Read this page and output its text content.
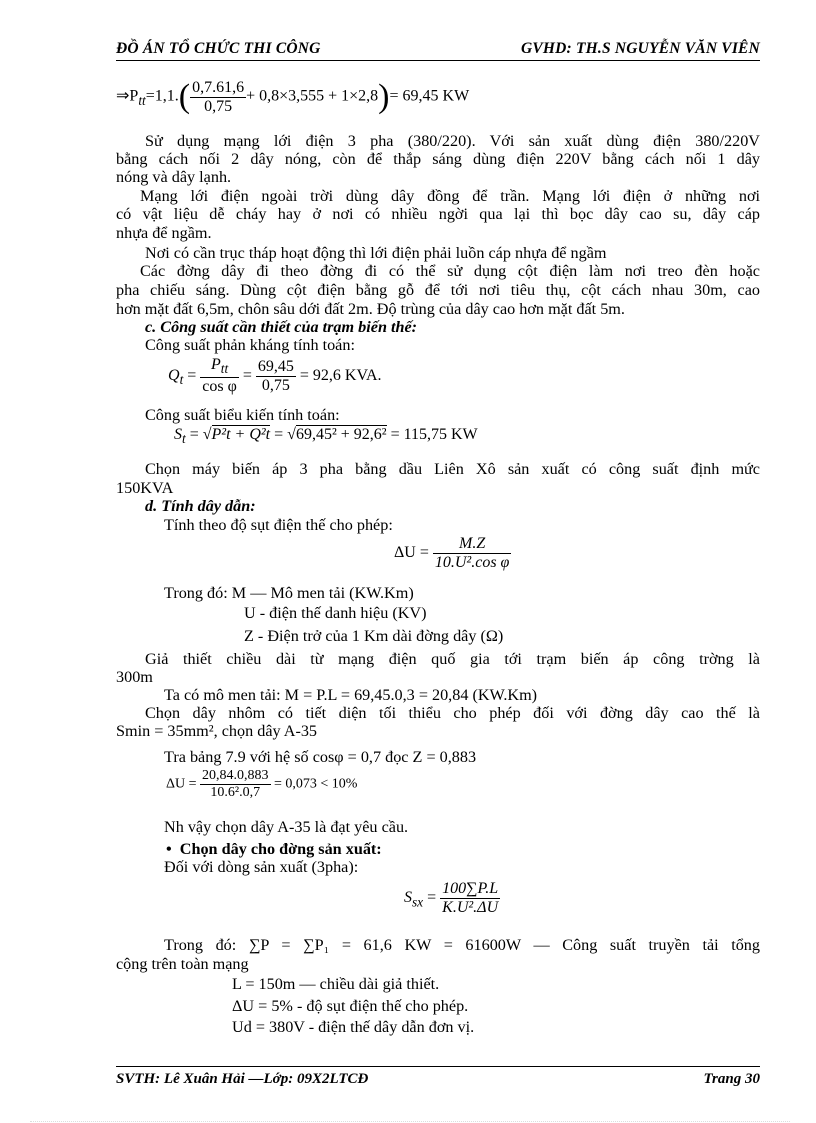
ĐỒ ÁN TỔ CHỨC THI CÔNG	GVHD: TH.S NGUYỄN VĂN VIÊN
$\Rightarrow P_{tt}=1,1.( \frac{0,7.61,6}{0,75} + 0,8\times 3,555 + 1\times 2,8)= 69,45$ KW
Sử dụng mạng lới điện 3 pha (380/220). Với sản xuất dùng điện 380/220V
bằng cách nối 2 dây nóng, còn để thắp sáng dùng điện 220V bằng cách nối 1 dây
nóng và dây lạnh.
Mạng lới điện ngoài trời dùng dây đồng để trần. Mạng lới điện ở những nơi
có vật liệu dễ cháy hay ở nơi có nhiều ngời qua lại thì bọc dây cao su, dây cáp
nhựa để ngầm.
Nơi có cần trục tháp hoạt động thì lới điện phải luồn cáp nhựa để ngầm
Các đờng dây đi theo đờng đi có thể sử dụng cột điện làm nơi treo đèn hoặc
pha chiếu sáng. Dùng cột điện bằng gỗ để tới nơi tiêu thụ, cột cách nhau 30m, cao
hơn mặt đất 6,5m, chôn sâu dới đất 2m. Độ trùng của dây cao hơn mặt đất 5m.
c. Công suất cần thiết của trạm biến thế:
Công suất phản kháng tính toán:
$Q_t = \frac{P_{tt}}{\text{cos φ}} = \frac{69,45}{0,75} = 92,6$ KVA.
Công suất biểu kiến tính toán:
$S_t = √P^2t + Q^2t = √69,45^2 + 92,6^2 = 115,75$ KW
Chọn máy biến áp 3 pha bằng dầu Liên Xô sản xuất có công suất định mức
150KVA
d. Tính dây dẫn:
Tính theo độ sụt điện thế cho phép:
$\Delta U = \frac{M.Z}{\text{10.U².cos φ}}$
Trong đó: M — Mô men tải (KW.Km)
U - điện thế danh hiệu (KV)
Z - Điện trở của 1 Km dài đờng dây (Ω)
Giả thiết chiều dài từ mạng điện quố gia tới trạm biến áp công trờng là
300m
Ta có mô men tải: M = P.L = 69,45.0,3 = 20,84 (KW.Km)
Chọn dây nhôm có tiết diện tối thiểu cho phép đối với đờng dây cao thế là
Smin = 35mm², chọn dây A-35
Tra bảng 7.9 với hệ số cosφ = 0,7 đọc Z = 0,883
$\Delta U = \frac{20,84.0,883}{\text{10.6².0,7}} = 0,073 < 10\%$
Nh vậy chọn dây A-35 là đạt yêu cầu.
• Chọn dây cho đờng sản xuất:
Đối với dòng sản xuất (3pha):
$S_{sx} = \frac{100\sum P.L}{\text{K.U².ΔU}}$
Trong đó: ∑P = ∑P₁ = 61,6 KW = 61600W — Công suất truyền tải tổng
cộng trên toàn mạng
L = 150m — chiều dài giả thiết.
ΔU = 5% - độ sụt điện thế cho phép.
Ud = 380V - điện thế dây dẫn đơn vị.
SVTH: Lê Xuân Hải —Lớp: 09X2LTCĐ	Trang 30
